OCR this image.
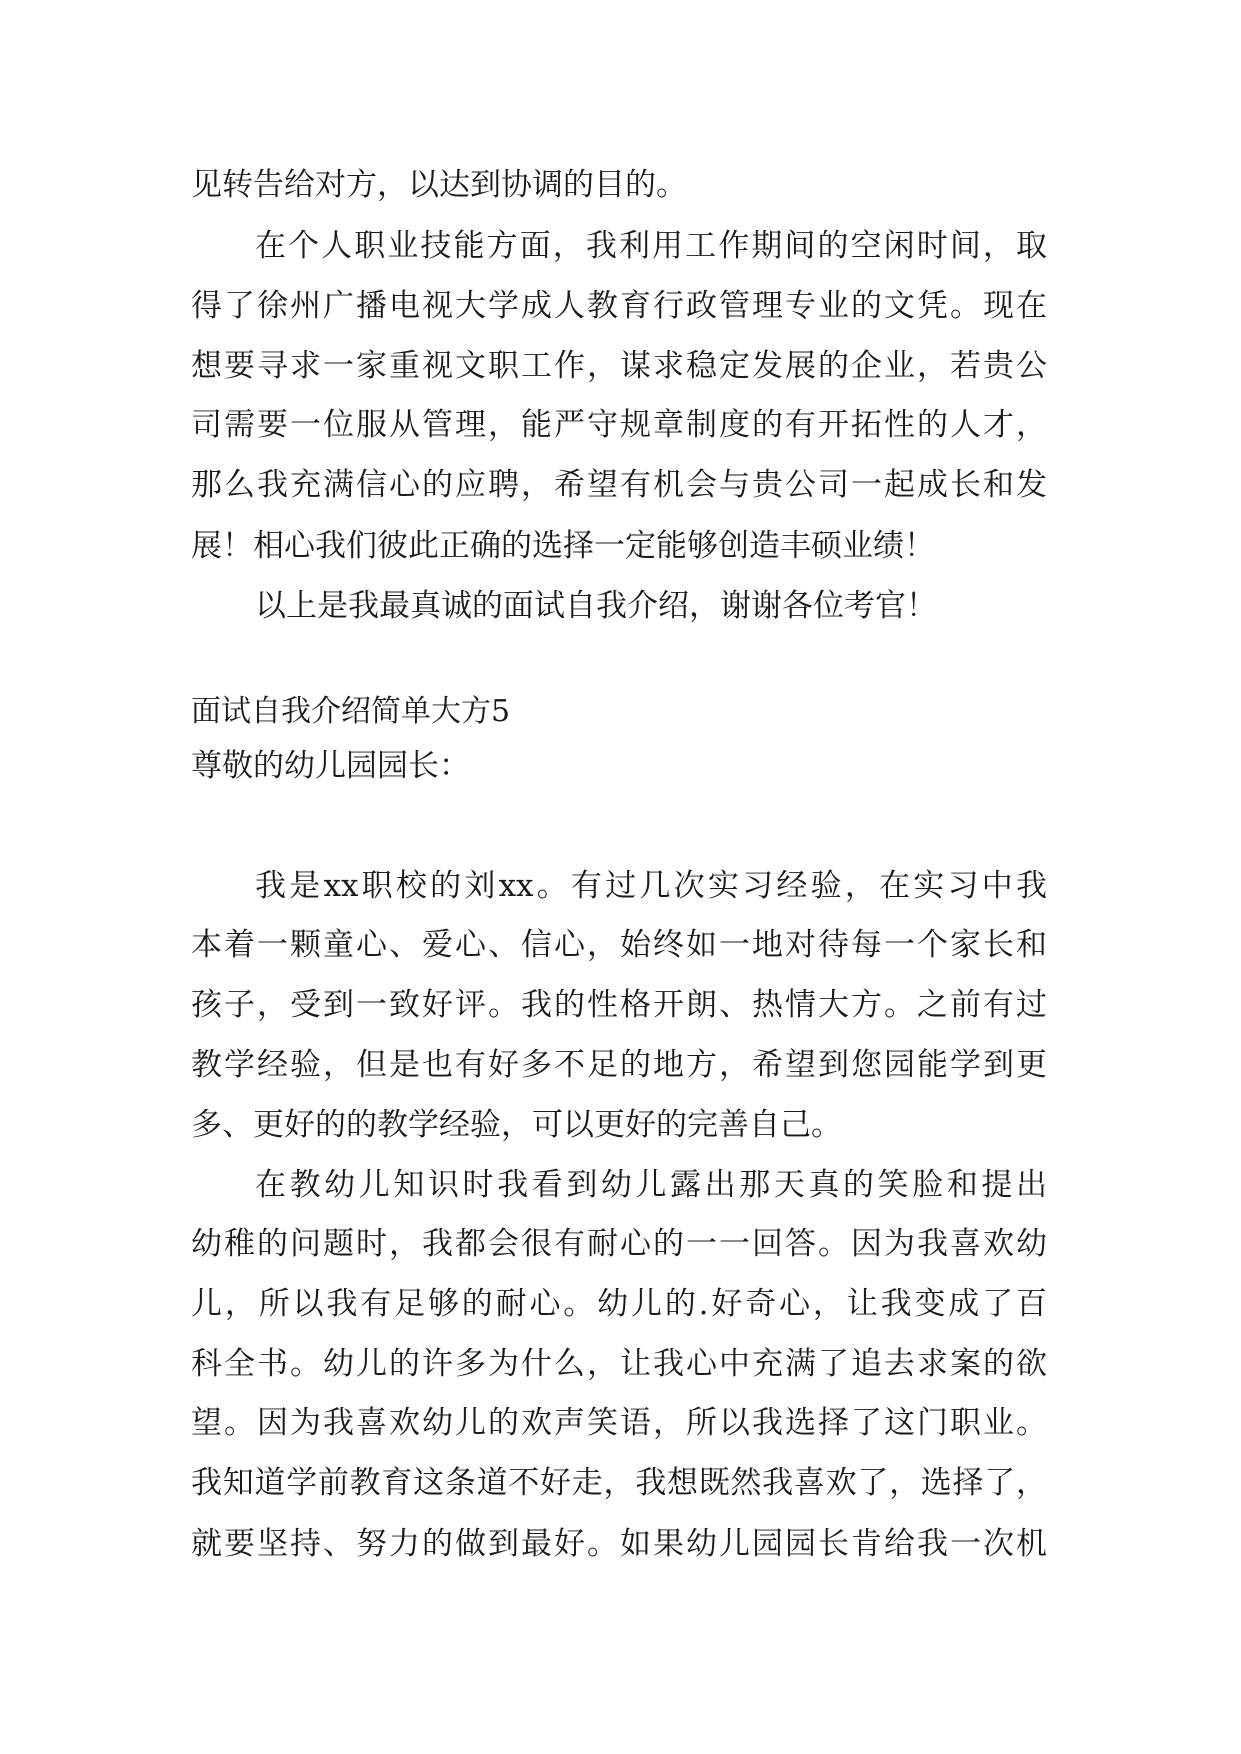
见转告给对方，以达到协调的目的。

在个人职业技能方面，我利用工作期间的空闲时间，取

得了徐州广播电视大学成人教育行政管理专业的文凭。现在

想要寻求一家重视文职工作，谋求稳定发展的企业，若贵公

司需要一位服从管理，能严守规章制度的有开拓性的人才，

那么我充满信心的应聘，希望有机会与贵公司一起成长和发

展！相心我们彼此正确的选择一定能够创造丰硕业绩！

以上是我最真诚的面试自我介绍，谢谢各位考官！

面试自我介绍简单大方5

尊敬的幼儿园园长：

我是xx职校的刘xx。有过几次实习经验，在实习中我

本着一颗童心、爱心、信心，始终如一地对待每一个家长和

孩子，受到一致好评。我的性格开朗、热情大方。之前有过

教学经验，但是也有好多不足的地方，希望到您园能学到更

多、更好的的教学经验，可以更好的完善自己。

在教幼儿知识时我看到幼儿露出那天真的笑脸和提出

幼稚的问题时，我都会很有耐心的一一回答。因为我喜欢幼

儿，所以我有足够的耐心。幼儿的.好奇心，让我变成了百

科全书。幼儿的许多为什么，让我心中充满了追去求案的欲

望。因为我喜欢幼儿的欢声笑语，所以我选择了这门职业。

我知道学前教育这条道不好走，我想既然我喜欢了，选择了，

就要坚持、努力的做到最好。如果幼儿园园长肯给我一次机
